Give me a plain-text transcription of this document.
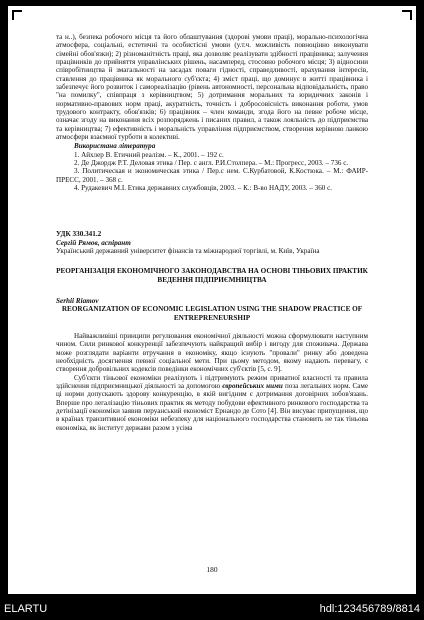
та н..), безпека робочого місця та його облаштування (здорові умови праці), морально-психологічна атмосфера, соціальні, естетичні та особистісні умови (у.т.ч. можливість повноцінно виконувати сімейні обов'язки); 2) різноманітність праці, яка дозволяє реалізувати здібності працівника; залучення працівників до прийняття управлінських рішень, насамперед, стосовно робочого місця; 3) відносини співробітництва й змагальності на засадах поваги гідності, справедливості, врахування інтересів, ставлення до працівника як морального суб'єкта; 4) зміст праці, що доминує в житті працівника і забезпечує його розвиток і самореалізацію (рівень автономності, персональна відповідальність, право "на помилку", співпраця з керівництвом; 5) дотримання моральних та юридичних законів і нормативно-правових норм праці, акуратність, точність і добросовісність виконання роботи, умов трудового контракту, обов'язків; 6) працівник – член команди, згода його на певне робоче місце, означає згоду на виконання всіх розпоряджень і писаних правил, а також лояльність до підприємства та керівництва; 7) ефективність і моральність управління підприємством, створення керівною ланкою атмосфери взаємної турботи в колективі.

Використана література

1. Айхлер В. Етичний реалізм. – К., 2001. – 192 с.

2. Де Джордж Р.Т. Деловая этика / Пер. с англ. Р.И.Столпера. – М.: Прогресс, 2003. – 736 с.

3. Политическая и экономическая этика / Пер.с нем. С.Курбатовой, К.Костюка. – М.: ФАИР-ПРЕСС, 2001. – 368 с.

4. Рудакевич М.І. Етика державних службовців, 2003. – К.: В-во НАДУ, 2003. – 360 с.

УДК 330.341.2

Сергій Рямов, аспірант

Український державний університет фінансів та міжнародної торгівлі, м. Київ, Україна

РЕОРГАНІЗАЦІЯ ЕКОНОМІЧНОГО ЗАКОНОДАВСТВА НА ОСНОВІ ТІНЬОВИХ ПРАКТИК ВЕДЕННЯ ПІДПРИЄМНИЦТВА

Serhii Riamov

REORGANIZATION OF ECONOMIC LEGISLATION USING THE SHADOW PRACTICE OF ENTREPRENEURSHIP

Найважливіші принципи регулювання економічної діяльності можна сформулювати наступним чином. Сили ринкової конкуренції забезпечують найкращий вибір і вигоду для споживача. Держава може розглядати варіанти втручання в економіку, якщо існують "провали" ринку або доведена необхідність досягнення певної соціальної мети. При цьому методом, якому надають перевагу, є створення добровільних кодексів поведінки економічних суб'єктів [5, с. 9].

Суб'єкти тіньової економіки реалізують і підтримують режим приватної власності та правила здійснення підприємницької діяльності за допомогою європейських ними поза легальних норм. Саме ці норми допускають здорову конкуренцію, в якій вигідним є дотримання договірних зобов'язань. Вперше про легалізацію тіньових практик як методу побудови ефективного ринкового господарства та детінізації економіки заявив перуанський економіст Ернандо де Сото [4]. Він висуває припущення, що в країнах транзитивної економіки небезпеку для національного господарства становить не так тіньова економіка, як інститут держави разом з усіма

180
ELARTU	hdl:123456789/8814
